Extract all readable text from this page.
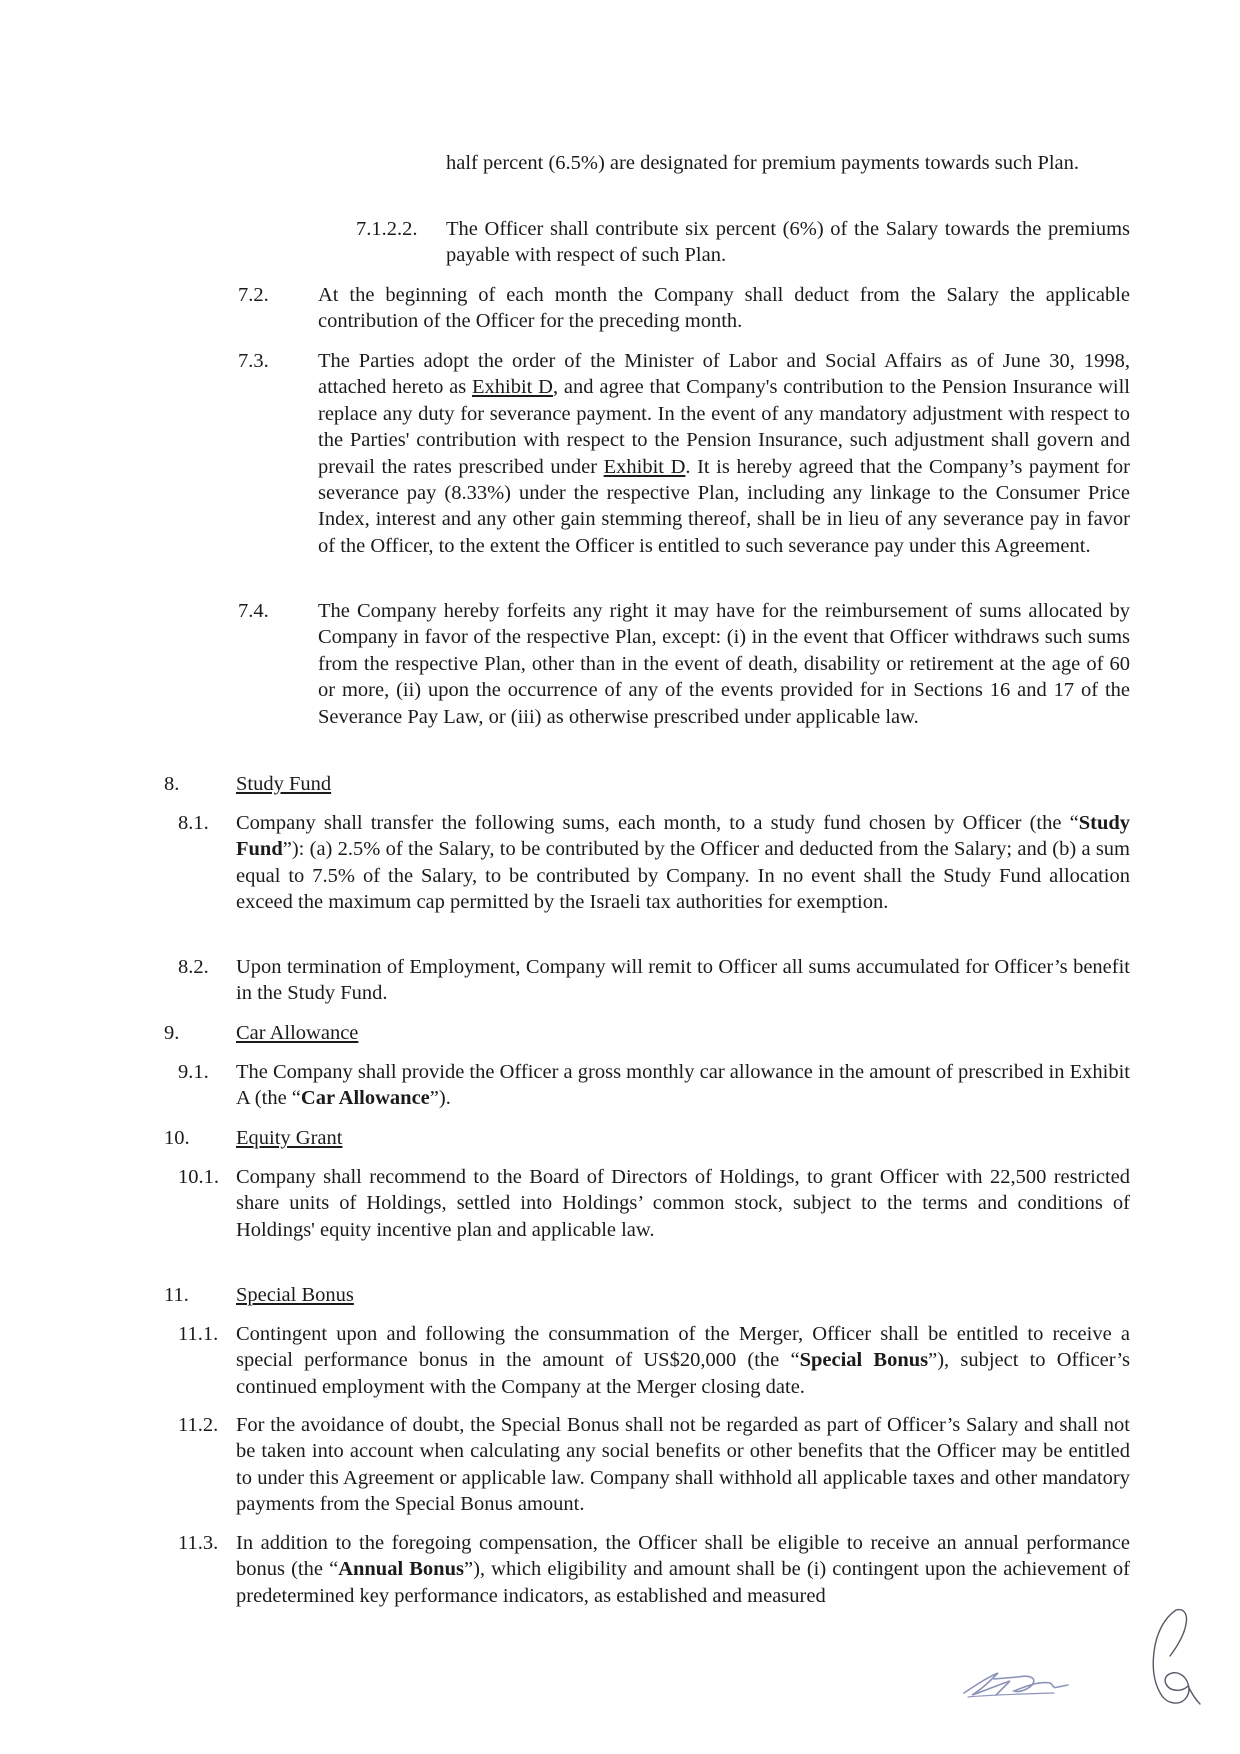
half percent (6.5%) are designated for premium payments towards such Plan.
7.1.2.2. The Officer shall contribute six percent (6%) of the Salary towards the premiums payable with respect of such Plan.
7.2. At the beginning of each month the Company shall deduct from the Salary the applicable contribution of the Officer for the preceding month.
7.3. The Parties adopt the order of the Minister of Labor and Social Affairs as of June 30, 1998, attached hereto as Exhibit D, and agree that Company's contribution to the Pension Insurance will replace any duty for severance payment. In the event of any mandatory adjustment with respect to the Parties' contribution with respect to the Pension Insurance, such adjustment shall govern and prevail the rates prescribed under Exhibit D. It is hereby agreed that the Company’s payment for severance pay (8.33%) under the respective Plan, including any linkage to the Consumer Price Index, interest and any other gain stemming thereof, shall be in lieu of any severance pay in favor of the Officer, to the extent the Officer is entitled to such severance pay under this Agreement.
7.4. The Company hereby forfeits any right it may have for the reimbursement of sums allocated by Company in favor of the respective Plan, except: (i) in the event that Officer withdraws such sums from the respective Plan, other than in the event of death, disability or retirement at the age of 60 or more, (ii) upon the occurrence of any of the events provided for in Sections 16 and 17 of the Severance Pay Law, or (iii) as otherwise prescribed under applicable law.
8.	Study Fund
8.1. Company shall transfer the following sums, each month, to a study fund chosen by Officer (the “Study Fund”): (a) 2.5% of the Salary, to be contributed by the Officer and deducted from the Salary; and (b) a sum equal to 7.5% of the Salary, to be contributed by Company. In no event shall the Study Fund allocation exceed the maximum cap permitted by the Israeli tax authorities for exemption.
8.2. Upon termination of Employment, Company will remit to Officer all sums accumulated for Officer’s benefit in the Study Fund.
9.	Car Allowance
9.1. The Company shall provide the Officer a gross monthly car allowance in the amount of prescribed in Exhibit A (the “Car Allowance”).
10. Equity Grant
10.1. Company shall recommend to the Board of Directors of Holdings, to grant Officer with 22,500 restricted share units of Holdings, settled into Holdings’ common stock, subject to the terms and conditions of Holdings' equity incentive plan and applicable law.
11. Special Bonus
11.1. Contingent upon and following the consummation of the Merger, Officer shall be entitled to receive a special performance bonus in the amount of US$20,000 (the “Special Bonus”), subject to Officer’s continued employment with the Company at the Merger closing date.
11.2. For the avoidance of doubt, the Special Bonus shall not be regarded as part of Officer’s Salary and shall not be taken into account when calculating any social benefits or other benefits that the Officer may be entitled to under this Agreement or applicable law. Company shall withhold all applicable taxes and other mandatory payments from the Special Bonus amount.
11.3. In addition to the foregoing compensation, the Officer shall be eligible to receive an annual performance bonus (the “Annual Bonus”), which eligibility and amount shall be (i) contingent upon the achievement of predetermined key performance indicators, as established and measured
